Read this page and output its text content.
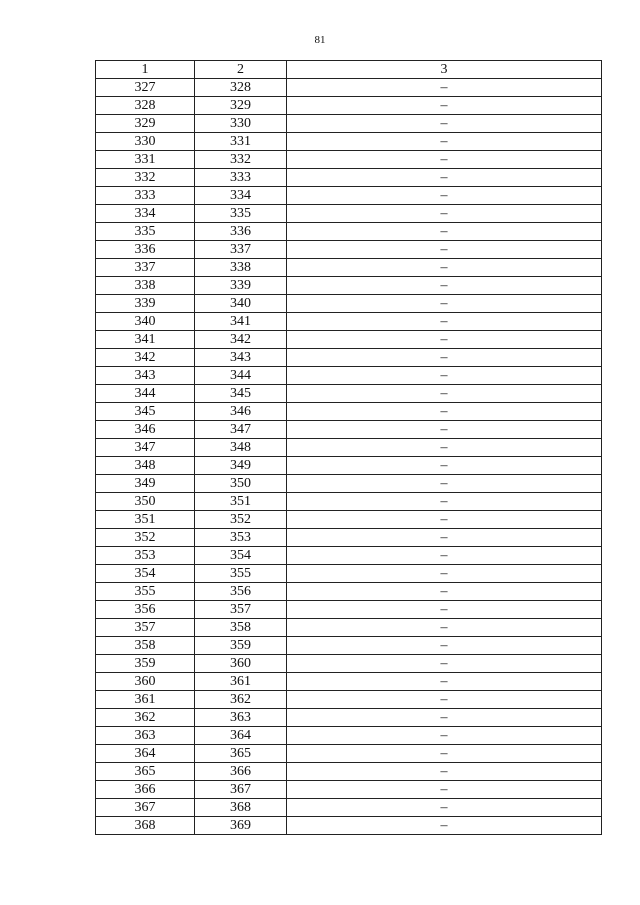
81
1	2	3
327	328	–
328	329	–
329	330	–
330	331	–
331	332	–
332	333	–
333	334	–
334	335	–
335	336	–
336	337	–
337	338	–
338	339	–
339	340	–
340	341	–
341	342	–
342	343	–
343	344	–
344	345	–
345	346	–
346	347	–
347	348	–
348	349	–
349	350	–
350	351	–
351	352	–
352	353	–
353	354	–
354	355	–
355	356	–
356	357	–
357	358	–
358	359	–
359	360	–
360	361	–
361	362	–
362	363	–
363	364	–
364	365	–
365	366	–
366	367	–
367	368	–
368	369	–
